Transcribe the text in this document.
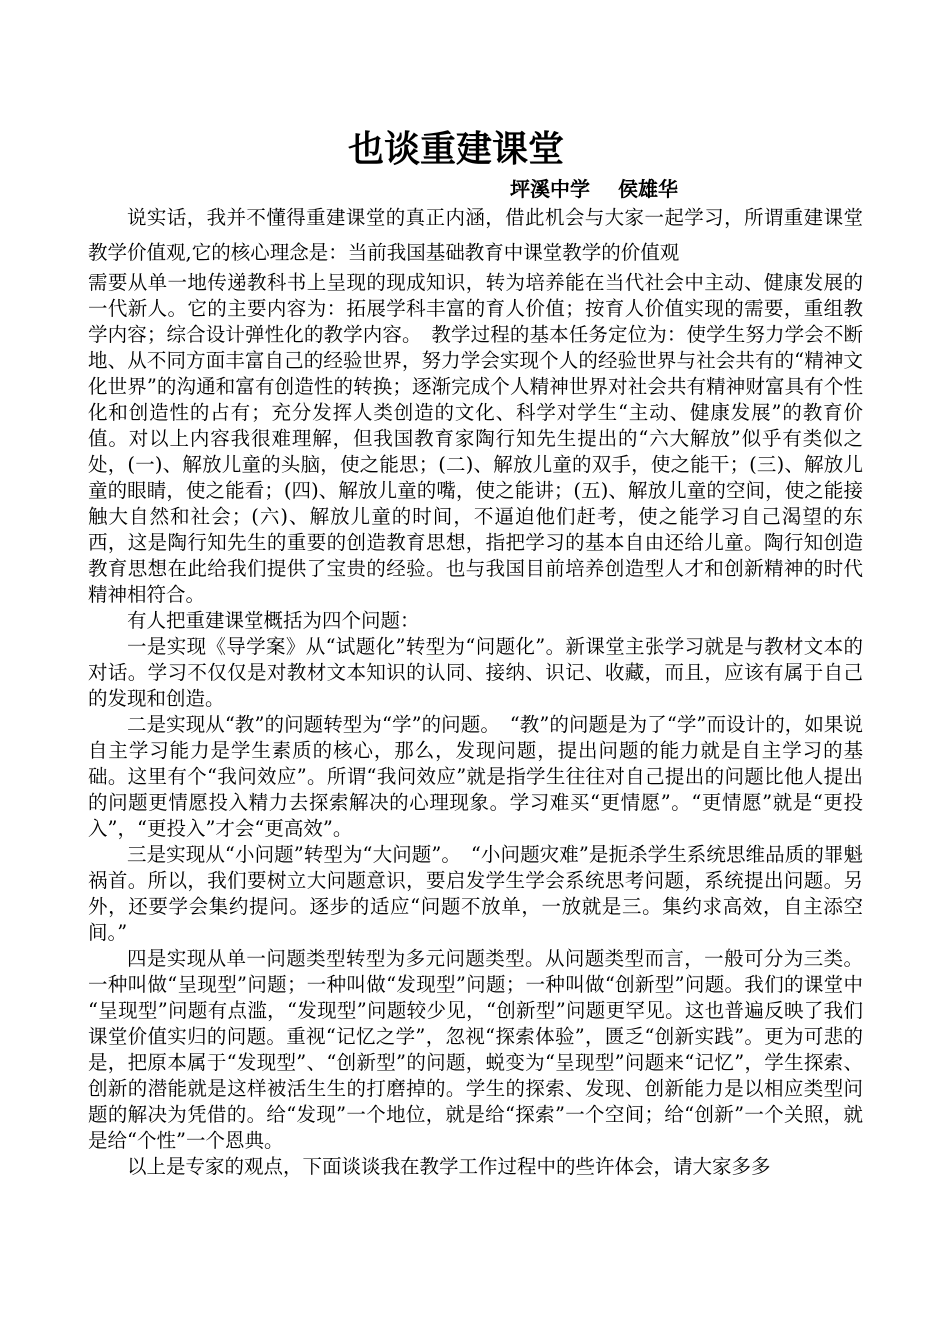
也谈重建课堂
坪溪中学 侯雄华

说实话，我并不懂得重建课堂的真正内涵，借此机会与大家一起学习，所谓重建课堂教学价值观,它的核心理念是：当前我国基础教育中课堂教学的价值观

需要从单一地传递教科书上呈现的现成知识，转为培养能在当代社会中主动、健康发展的一代新人。它的主要内容为：拓展学科丰富的育人价值；按育人价值实现的需要，重组教学内容；综合设计弹性化的教学内容。　教学过程的基本任务定位为：使学生努力学会不断地、从不同方面丰富自己的经验世界，努力学会实现个人的经验世界与社会共有的“精神文化世界”的沟通和富有创造性的转换；逐渐完成个人精神世界对社会共有精神财富具有个性化和创造性的占有；充分发挥人类创造的文化、科学对学生“主动、健康发展”的教育价值。对以上内容我很难理解，但我国教育家陶行知先生提出的“六大解放”似乎有类似之处，(一)、解放儿童的头脑，使之能思；(二)、解放儿童的双手，使之能干；(三)、解放儿童的眼睛，使之能看；(四)、解放儿童的嘴，使之能讲；(五)、解放儿童的空间，使之能接触大自然和社会；(六)、解放儿童的时间，不逼迫他们赶考，使之能学习自己渴望的东西，这是陶行知先生的重要的创造教育思想，指把学习的基本自由还给儿童。陶行知创造教育思想在此给我们提供了宝贵的经验。也与我国目前培养创造型人才和创新精神的时代精神相符合。

有人把重建课堂概括为四个问题：

一是实现《导学案》从“试题化”转型为“问题化”。新课堂主张学习就是与教材文本的对话。学习不仅仅是对教材文本知识的认同、接纳、识记、收藏，而且，应该有属于自己的发现和创造。

二是实现从“教”的问题转型为“学”的问题。　“教”的问题是为了“学”而设计的，如果说自主学习能力是学生素质的核心，那么，发现问题，提出问题的能力就是自主学习的基础。这里有个“我问效应”。所谓“我问效应”就是指学生往往对自己提出的问题比他人提出的问题更情愿投入精力去探索解决的心理现象。学习难买“更情愿”。“更情愿”就是“更投入”，“更投入”才会“更高效”。

三是实现从“小问题”转型为“大问题”。　“小问题灾难”是扼杀学生系统思维品质的罪魁祸首。所以，我们要树立大问题意识，要启发学生学会系统思考问题，系统提出问题。另外，还要学会集约提问。逐步的适应“问题不放单，一放就是三。集约求高效，自主添空间。”

四是实现从单一问题类型转型为多元问题类型。从问题类型而言，一般可分为三类。一种叫做“呈现型”问题；一种叫做“发现型”问题；一种叫做“创新型”问题。我们的课堂中 “呈现型”问题有点滥，“发现型”问题较少见，“创新型”问题更罕见。这也普遍反映了我们课堂价值实归的问题。重视“记忆之学”，忽视“探索体验”，匮乏“创新实践”。更为可悲的是，把原本属于“发现型”、“创新型”的问题，蜕变为“呈现型”问题来“记忆”，学生探索、创新的潜能就是这样被活生生的打磨掉的。学生的探索、发现、创新能力是以相应类型问题的解决为凭借的。给“发现”一个地位，就是给“探索”一个空间；给“创新”一个关照，就是给“个性”一个恩典。

以上是专家的观点，下面谈谈我在教学工作过程中的些许体会，请大家多多
